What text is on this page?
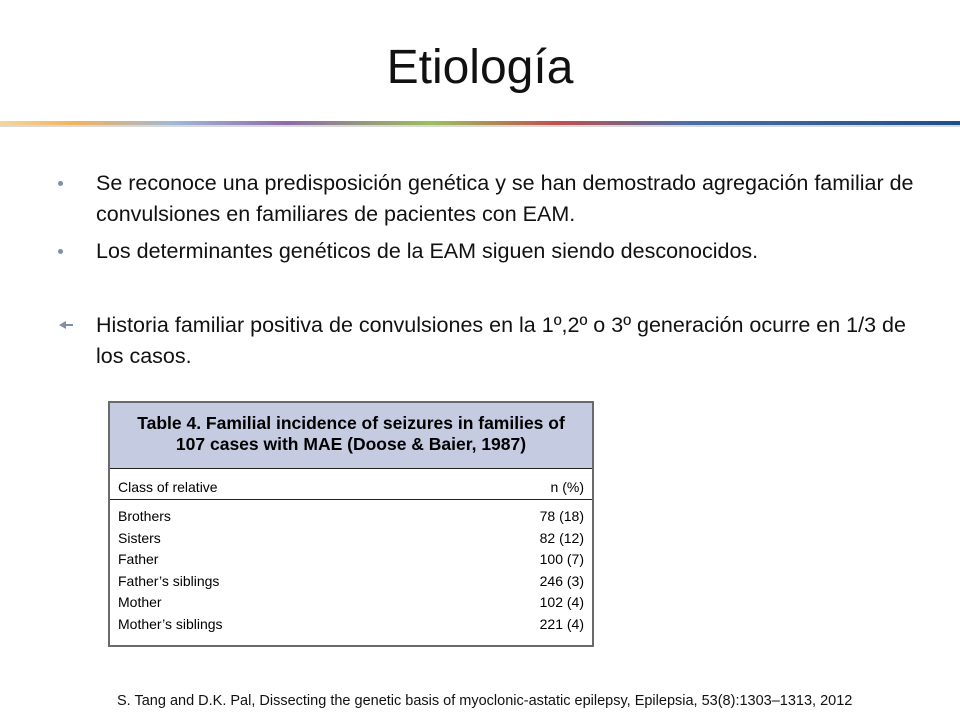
Etiología
Se reconoce una predisposición genética y se han demostrado agregación familiar de convulsiones en familiares de pacientes con EAM.
Los determinantes genéticos de la EAM siguen siendo desconocidos.
Historia familiar positiva de convulsiones en la 1º,2º o 3º generación ocurre en 1/3 de los casos.
Table 4. Familial incidence of seizures in families of
107 cases with MAE (Doose & Baier, 1987)
Class of relative	n (%)
Brothers	78 (18)
Sisters	82 (12)
Father	100 (7)
Father’s siblings	246 (3)
Mother	102 (4)
Mother’s siblings	221 (4)
S. Tang and D.K. Pal, Dissecting the genetic basis of myoclonic-astatic epilepsy, Epilepsia, 53(8):1303–1313, 2012
